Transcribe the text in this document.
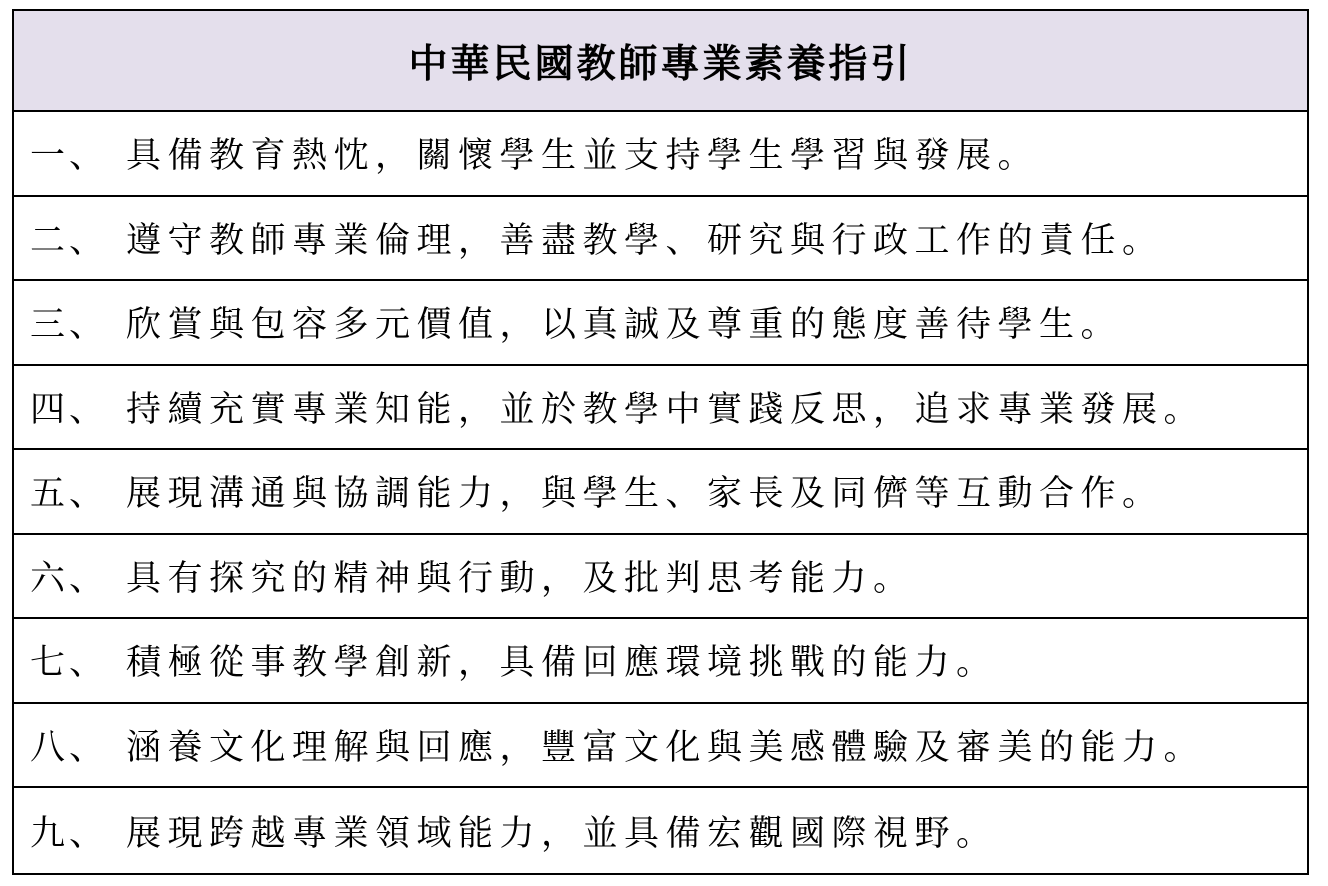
中華民國教師專業素養指引
一、 具備教育熱忱，關懷學生並支持學生學習與發展。
二、 遵守教師專業倫理，善盡教學、研究與行政工作的責任。
三、 欣賞與包容多元價值，以真誠及尊重的態度善待學生。
四、 持續充實專業知能，並於教學中實踐反思，追求專業發展。
五、 展現溝通與協調能力，與學生、家長及同儕等互動合作。
六、 具有探究的精神與行動，及批判思考能力。
七、 積極從事教學創新，具備回應環境挑戰的能力。
八、 涵養文化理解與回應，豐富文化與美感體驗及審美的能力。
九、 展現跨越專業領域能力，並具備宏觀國際視野。
